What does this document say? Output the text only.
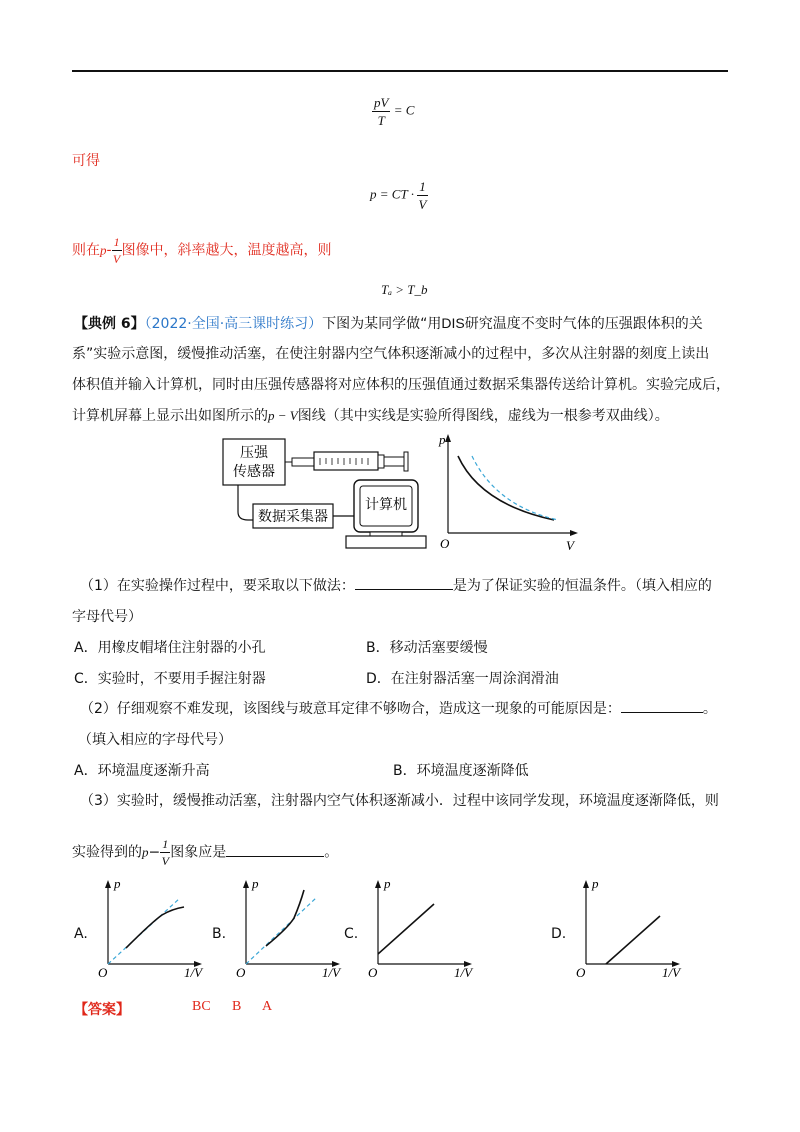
$\frac{pV}{T} = C$
可得
p = CT · $\frac{1}{V}$
则在$p- \frac{1}{V}$ 图像中，斜率越大，温度越高，则
Tₐ > T_b
【典例 6】（2022·全国·高三课时练习）下图为某同学做“用DIS研究温度不变时气体的压强跟体积的关
系”实验示意图，缓慢推动活塞，在使注射器内空气体积逐渐减小的过程中，多次从注射器的刻度上读出
体积值并输入计算机，同时由压强传感器将对应体积的压强值通过数据采集器传送给计算机。实验完成后，
计算机屏幕上显示出如图所示的p − V图线（其中实线是实验所得图线，虚线为一根参考双曲线）。
压强
传感器
数据采集器
计算机
p
O	V
（1）在实验操作过程中，要采取以下做法：	是为了保证实验的恒温条件。（填入相应的
字母代号）
A．用橡皮帽堵住注射器的小孔	B．移动活塞要缓慢
C．实验时，不要用手握注射器	D．在注射器活塞一周涂润滑油
（2）仔细观察不难发现，该图线与玻意耳定律不够吻合，造成这一现象的可能原因是：	。
（填入相应的字母代号）
A．环境温度逐渐升高	B．环境温度逐渐降低
（3）实验时，缓慢推动活塞，注射器内空气体积逐渐减小．过程中该同学发现，环境温度逐渐降低，则
实验得到的$p- \frac{1}{V}$ 图象应是	。
A.
p
O	1/V
B.
p
O	1/V
C.
p
O	1/V
D.
p
O	1/V
【答案】	BC B A
